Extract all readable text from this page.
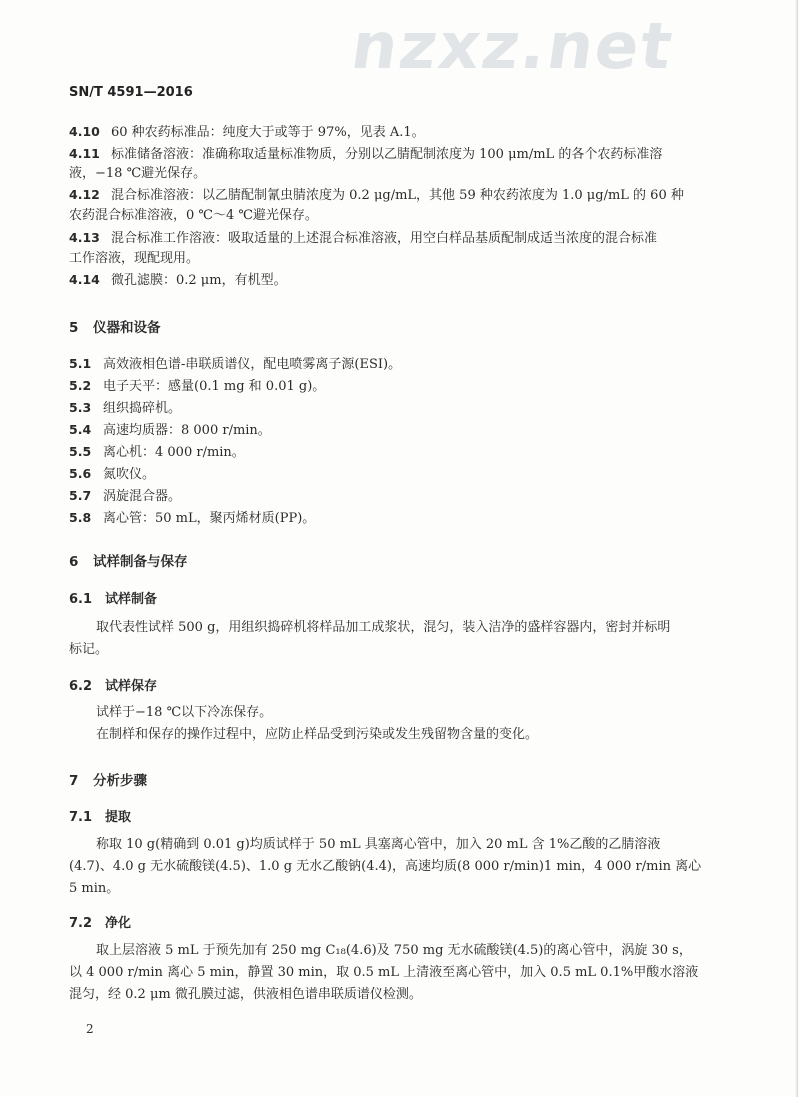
nzxz.net
SN/T 4591—2016
4.10 60 种农药标准品：纯度大于或等于 97%，见表 A.1。
4.11 标准储备溶液：准确称取适量标准物质，分别以乙腈配制浓度为 100 μm/mL 的各个农药标准溶
液，−18 ℃避光保存。
4.12 混合标准溶液：以乙腈配制氰虫腈浓度为 0.2 μg/mL，其他 59 种农药浓度为 1.0 μg/mL 的 60 种
农药混合标准溶液，0 ℃～4 ℃避光保存。
4.13 混合标准工作溶液：吸取适量的上述混合标准溶液，用空白样品基质配制成适当浓度的混合标准
工作溶液，现配现用。
4.14 微孔滤膜：0.2 μm，有机型。
5 仪器和设备
5.1 高效液相色谱-串联质谱仪，配电喷雾离子源(ESI)。
5.2 电子天平：感量(0.1 mg 和 0.01 g)。
5.3 组织捣碎机。
5.4 高速均质器：8 000 r/min。
5.5 离心机：4 000 r/min。
5.6 氮吹仪。
5.7 涡旋混合器。
5.8 离心管：50 mL，聚丙烯材质(PP)。
6 试样制备与保存
6.1 试样制备
取代表性试样 500 g，用组织捣碎机将样品加工成浆状，混匀，装入洁净的盛样容器内，密封并标明
标记。
6.2 试样保存
试样于−18 ℃以下冷冻保存。
在制样和保存的操作过程中，应防止样品受到污染或发生残留物含量的变化。
7 分析步骤
7.1 提取
称取 10 g(精确到 0.01 g)均质试样于 50 mL 具塞离心管中，加入 20 mL 含 1%乙酸的乙腈溶液
(4.7)、4.0 g 无水硫酸镁(4.5)、1.0 g 无水乙酸钠(4.4)，高速均质(8 000 r/min)1 min，4 000 r/min 离心
5 min。
7.2 净化
取上层溶液 5 mL 于预先加有 250 mg C₁₈(4.6)及 750 mg 无水硫酸镁(4.5)的离心管中，涡旋 30 s，
以 4 000 r/min 离心 5 min，静置 30 min，取 0.5 mL 上清液至离心管中，加入 0.5 mL 0.1%甲酸水溶液
混匀，经 0.2 μm 微孔膜过滤，供液相色谱串联质谱仪检测。
2
